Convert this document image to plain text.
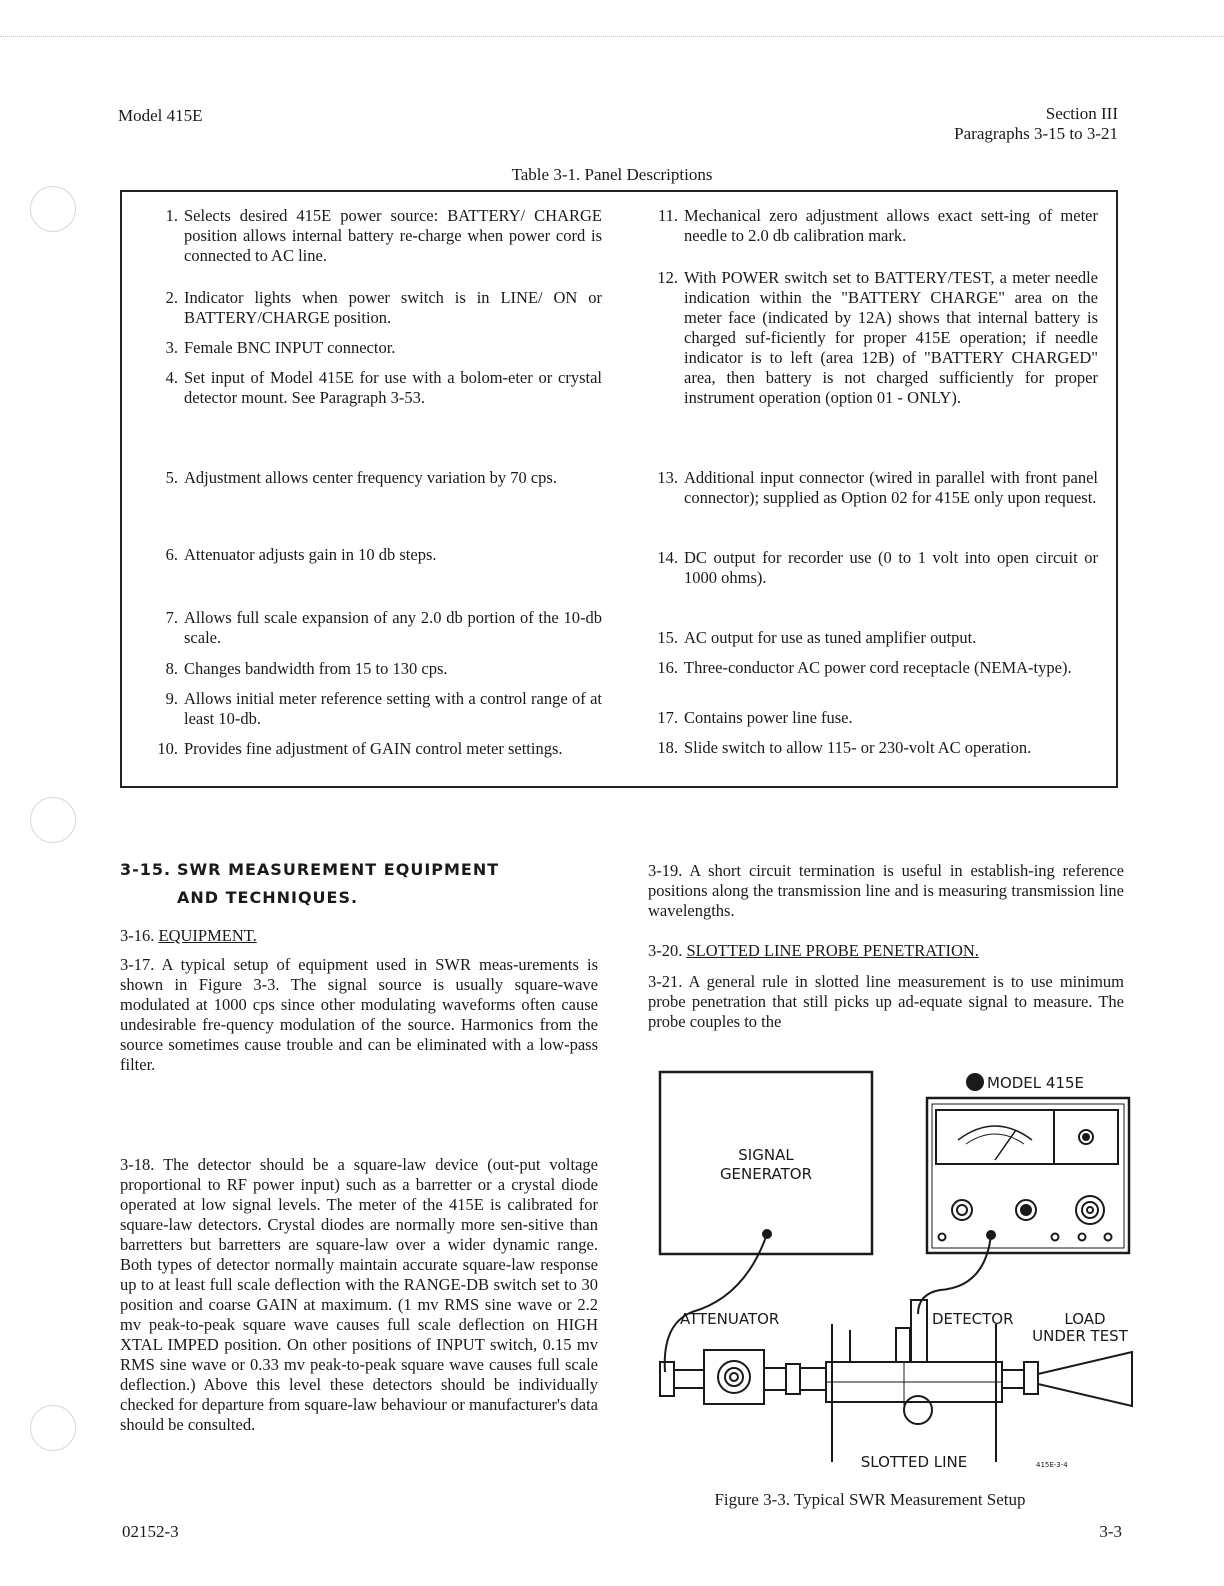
Model 415E	Section III
Paragraphs 3-15 to 3-21
Table 3-1. Panel Descriptions
1. Selects desired 415E power source: BATTERY/ CHARGE position allows internal battery re-charge when power cord is connected to AC line.
2. Indicator lights when power switch is in LINE/ ON or BATTERY/CHARGE position.
3. Female BNC INPUT connector.
4. Set input of Model 415E for use with a bolom-eter or crystal detector mount. See Paragraph 3-53.
5. Adjustment allows center frequency variation by 70 cps.
6. Attenuator adjusts gain in 10 db steps.
7. Allows full scale expansion of any 2.0 db portion of the 10-db scale.
8. Changes bandwidth from 15 to 130 cps.
9. Allows initial meter reference setting with a control range of at least 10-db.
10. Provides fine adjustment of GAIN control meter settings.
11. Mechanical zero adjustment allows exact sett-ing of meter needle to 2.0 db calibration mark.
12. With POWER switch set to BATTERY/TEST, a meter needle indication within the "BATTERY CHARGE" area on the meter face (indicated by 12A) shows that internal battery is charged suf-ficiently for proper 415E operation; if needle indicator is to left (area 12B) of "BATTERY CHARGED" area, then battery is not charged sufficiently for proper instrument operation (option 01 - ONLY).
13. Additional input connector (wired in parallel with front panel connector); supplied as Option 02 for 415E only upon request.
14. DC output for recorder use (0 to 1 volt into open circuit or 1000 ohms).
15. AC output for use as tuned amplifier output.
16. Three-conductor AC power cord receptacle (NEMA-type).
17. Contains power line fuse.
18. Slide switch to allow 115- or 230-volt AC operation.
3-15. SWR MEASUREMENT EQUIPMENT
AND TECHNIQUES.
3-16. EQUIPMENT.
3-17. A typical setup of equipment used in SWR meas-urements is shown in Figure 3-3. The signal source is usually square-wave modulated at 1000 cps since other modulating waveforms often cause undesirable fre-quency modulation of the source. Harmonics from the source sometimes cause trouble and can be eliminated with a low-pass filter.
3-18. The detector should be a square-law device (out-put voltage proportional to RF power input) such as a barretter or a crystal diode operated at low signal levels. The meter of the 415E is calibrated for square-law detectors. Crystal diodes are normally more sen-sitive than barretters but barretters are square-law over a wider dynamic range. Both types of detector normally maintain accurate square-law response up to at least full scale deflection with the RANGE-DB switch set to 30 position and coarse GAIN at maximum. (1 mv RMS sine wave or 2.2 mv peak-to-peak square wave causes full scale deflection on HIGH XTAL IMPED position. On other positions of INPUT switch, 0.15 mv RMS sine wave or 0.33 mv peak-to-peak square wave causes full scale deflection.) Above this level these detectors should be individually checked for departure from square-law behaviour or manufacturer's data should be consulted.
3-19. A short circuit termination is useful in establish-ing reference positions along the transmission line and is measuring transmission line wavelengths.
3-20. SLOTTED LINE PROBE PENETRATION.
3-21. A general rule in slotted line measurement is to use minimum probe penetration that still picks up ad-equate signal to measure. The probe couples to the
MODEL 415E
SIGNAL
GENERATOR
ATTENUATOR	DETECTOR	LOAD
UNDER TEST
SLOTTED LINE	415E-3-4
Figure 3-3. Typical SWR Measurement Setup
02152-3	3-3
